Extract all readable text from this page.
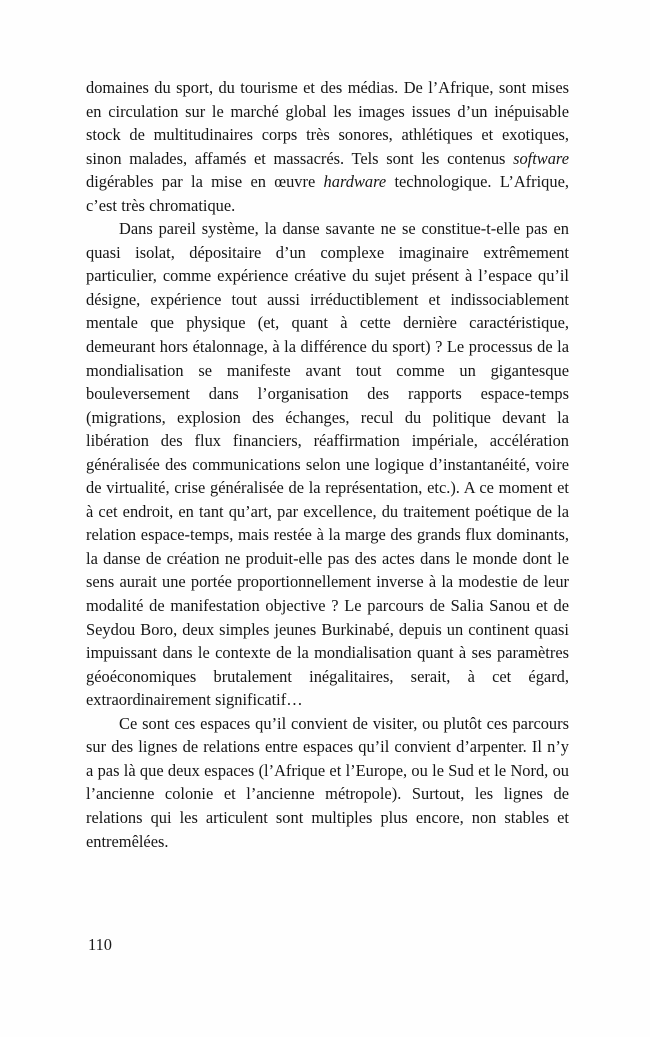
domaines du sport, du tourisme et des médias. De l’Afrique, sont mises en circulation sur le marché global les images issues d’un inépuisable stock de multitudinaires corps très sonores, athlétiques et exotiques, sinon malades, affamés et massacrés. Tels sont les contenus software digérables par la mise en œuvre hardware technologique. L’Afrique, c’est très chromatique.

Dans pareil système, la danse savante ne se constitue-t-elle pas en quasi isolat, dépositaire d’un complexe imaginaire extrêmement particulier, comme expérience créative du sujet présent à l’espace qu’il désigne, expérience tout aussi irréductiblement et indissociablement mentale que physique (et, quant à cette dernière caractéristique, demeurant hors étalonnage, à la différence du sport) ? Le processus de la mondialisation se manifeste avant tout comme un gigantesque bouleversement dans l’organisation des rapports espace-temps (migrations, explosion des échanges, recul du politique devant la libération des flux financiers, réaffirmation impériale, accélération généralisée des communications selon une logique d’instantanéité, voire de virtualité, crise généralisée de la représentation, etc.). A ce moment et à cet endroit, en tant qu’art, par excellence, du traitement poétique de la relation espace-temps, mais restée à la marge des grands flux dominants, la danse de création ne produit-elle pas des actes dans le monde dont le sens aurait une portée proportionnellement inverse à la modestie de leur modalité de manifestation objective ? Le parcours de Salia Sanou et de Seydou Boro, deux simples jeunes Burkinabé, depuis un continent quasi impuissant dans le contexte de la mondialisation quant à ses paramètres géoéconomiques brutalement inégalitaires, serait, à cet égard, extraordinairement significatif…

Ce sont ces espaces qu’il convient de visiter, ou plutôt ces parcours sur des lignes de relations entre espaces qu’il convient d’arpenter. Il n’y a pas là que deux espaces (l’Afrique et l’Europe, ou le Sud et le Nord, ou l’ancienne colonie et l’ancienne métropole). Surtout, les lignes de relations qui les articulent sont multiples plus encore, non stables et entremêlées.

110
